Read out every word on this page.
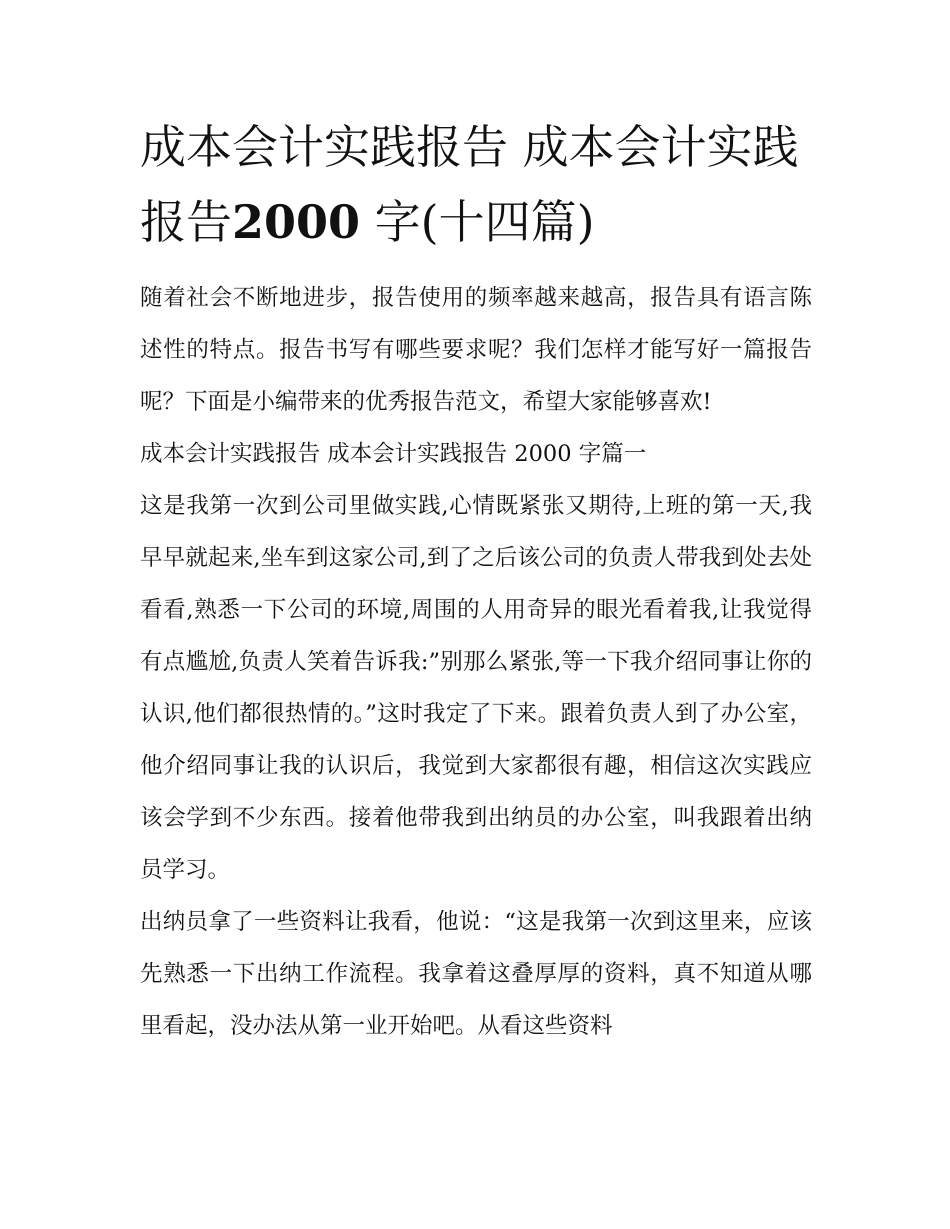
成本会计实践报告 成本会计实践报告2000 字(十四篇)

随着社会不断地进步，报告使用的频率越来越高，报告具有语言陈述性的特点。报告书写有哪些要求呢？我们怎样才能写好一篇报告呢？下面是小编带来的优秀报告范文，希望大家能够喜欢!

成本会计实践报告 成本会计实践报告 2000 字篇一

这是我第一次到公司里做实践,心情既紧张又期待,上班的第一天,我早早就起来,坐车到这家公司,到了之后该公司的负责人带我到处去处看看,熟悉一下公司的环境,周围的人用奇异的眼光看着我,让我觉得有点尴尬,负责人笑着告诉我:”别那么紧张,等一下我介绍同事让你的认识,他们都很热情的。”这时我定了下来。跟着负责人到了办公室，他介绍同事让我的认识后，我觉到大家都很有趣，相信这次实践应该会学到不少东西。接着他带我到出纳员的办公室，叫我跟着出纳员学习。

出纳员拿了一些资料让我看，他说：“这是我第一次到这里来，应该先熟悉一下出纳工作流程。我拿着这叠厚厚的资料，真不知道从哪里看起，没办法从第一业开始吧。从看这些资料
